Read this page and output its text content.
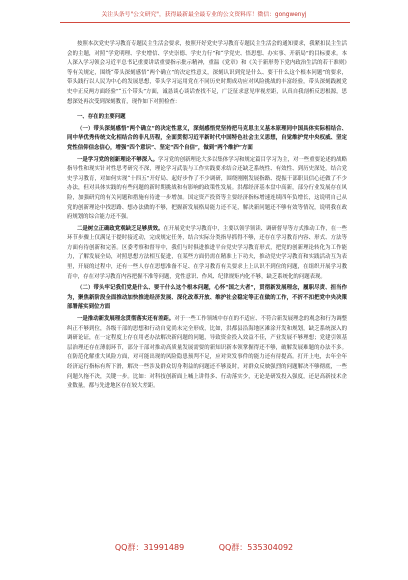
关注头条号"公文研究"，获得最新最全最专业的公文资料库！微信：gongwenyj

按照本次党史学习教育专题民主生活会要求，按照开好党史学习教育专题民主生活会的通知要求，我紧扣民主生活会的主题，对照“学党明理、学史增信、学史崇德、学史力行”和“学党史、悟思想、办实事、开新局”的目标要求。本人深入学习领会习近平总书记重要讲话重要指示批示精神，重温《党章》和《关于新形势下党内政治生活的若干准则》等有关规定，围绕“带头深刻感悟“两个确立”的决定性意义，深刻认识到党是什么、要干什么这个根本问题”的要求，带头践行以人民为中心的发展思想，带头学习运用党在不同历史时期成功应对风险挑战的丰富经验，带头深刻践履党史中正反两方面经验”“五个带头”方面，诚恳谈心谈话查找不足，广泛征求意见审视差距，认真自我剖析反思根源，思想深处再次受到深刻教育，现作如下对照检查：

一、存在的主要问题

（一）带头深刻感悟“两个确立”的决定性意义，深刻感悟党坚持把马克思主义基本原理同中国具体实际相结合、同中华优秀传统文化相结合的非凡历程，全面贯彻习近平新时代中国特色社会主义思想，自觉维护党中央权威、坚定党性信仰信念信心，增强“四个意识”、坚定“四个自信”，做到“两个维护”方面

一是学习党的创新理论不够深入。学习党的创新理论大多以集体学习和规定篇目学习为主，对一些重要论述的战略指导性和现实针对性思考研究不深，理论学习武装与工作实践要求结合还缺乏系统性、有效性、到历史深处，结合党史学习教育，对如何实现“十四五”开好局、起好步作了不少调研，围绕刚刚发展指路、提振干部职员信心还做了不少办法，但对具体实践的有些问题的新时期挑战和有影响的政策性发展。洪都经济基本盘中高新，部分行业发展存在风险，加强研究的有关问题和措施有待进一步增加。国定资产投资等主要经济指标增速连续四年负增长，这说明自己从党的创新理论中找思路、想办法做的不够，把握新发展格局能力还不足，解决新问题还不够有效等情况，说明我在政府规划的综合能力还不强。

二是树立正确政党观缺乏足够质效。在开展党史学习教育中，主要以领学领读、调研督导等方式推动工作，在一些环节步骤上仅满足于提时接近动，完成规定任务，结合实际分类指导抓得不够，还存在学习教育内容、形式、方法等方面有待创新和完善。区委考察和督导中，我们与时俱进推进平台党史学习教育形式，把党的创新理论转化为工作能力，了解发展全局，对照思想方法相互促进，在某些方面仍需在精准上下功夫，推动党史学习教育和实践活动互为表里，开展的过程中，还有一些人存在思想准备不足、在学习教育有关要求上上认识不到位的问题，在组织开展学习教育中，存在对学习教育内容把握不准等问题，党性意识、作风、纪律规矩内化不够，缺乏系统化的问题表现。

（二）带头牢记我们党是什么、要干什么这个根本问题，心怀“国之大者”，贯彻新发展理念，履职尽责、担当作为，聚焦新阶段全面推动加快推进经济发展、深化改革开放、维护社会稳定等正在做的工作，不折不扣把党中央决策部署落实到位方面

一是推动新发展理念贯彻落实还有差距。对于一些工作领域中存在的不适应、不符合新发展理念的观念和行为调整纠正不够到位，各级干部的思想和行动自觉尚未完全形成，比如，洪都县沿海地区滩涂开发和规划，缺乏系统深入的调研论证，在一定程度上存在用老办法解决新问题的问题，导致资金投入效益不佳，产业发展不够理想；党建引领基层治理还存在薄弱环节，部分干部对推动高质量发展需要的新知识新本领掌握得还不够，破解发展难题的办法不多。在防范化解重大风险方面，对可能出现的风险隐患预判不足，应对突发事件的能力还有待提高。打开上电，去年全年经济运行指标有所下滑，解决一些涉及群众切身利益的问题还不够及时，对群众反映强烈的问题解决不够彻底，一些问题久拖不决，关键一步。比如：对科技创新面上喊上讲得多、行动落实少，无论是研发投入强度，还是高新技术企业数量，都与先进地区存在较大差距。

QQ群：31991489	QQ群：535304092
